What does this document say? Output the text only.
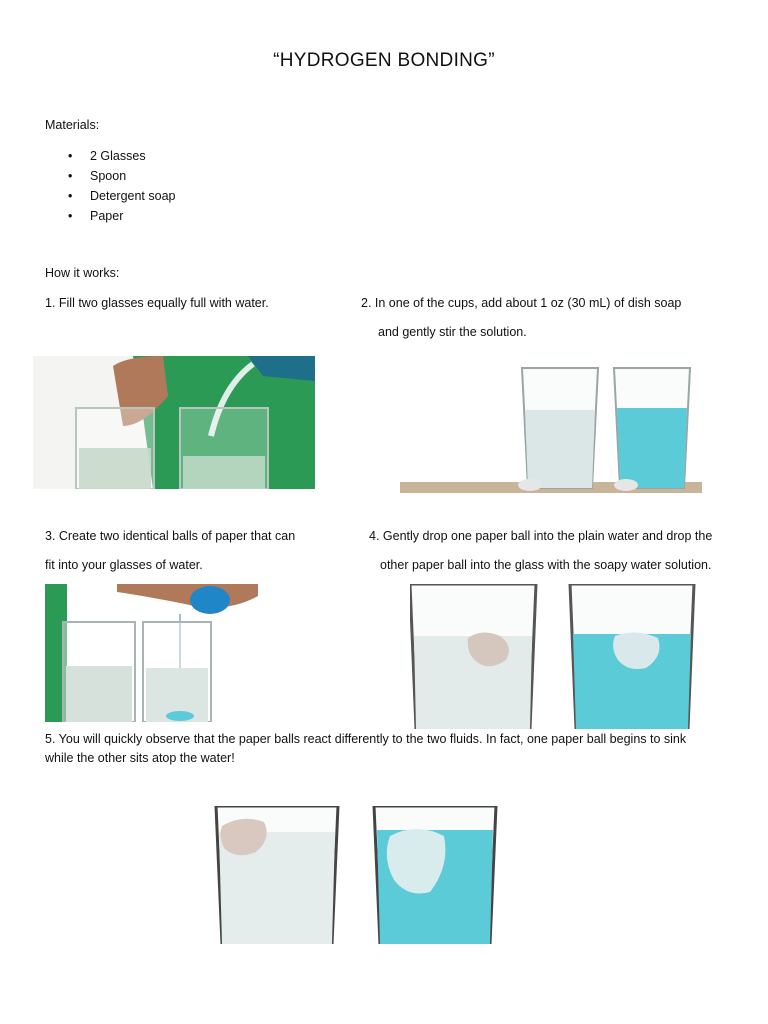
“HYDROGEN BONDING”
Materials:
• 2 Glasses
• Spoon
• Detergent soap
• Paper
How it works:
1. Fill two glasses equally full with water.	2. In one of the cups, add about 1 oz (30 mL) of dish soap
and gently stir the solution.
3. Create two identical balls of paper that can
fit into your glasses of water.
4. Gently drop one paper ball into the plain water and drop the
other paper ball into the glass with the soapy water solution.
5. You will quickly observe that the paper balls react differently to the two fluids. In fact, one paper ball begins to sink
while the other sits atop the water!
